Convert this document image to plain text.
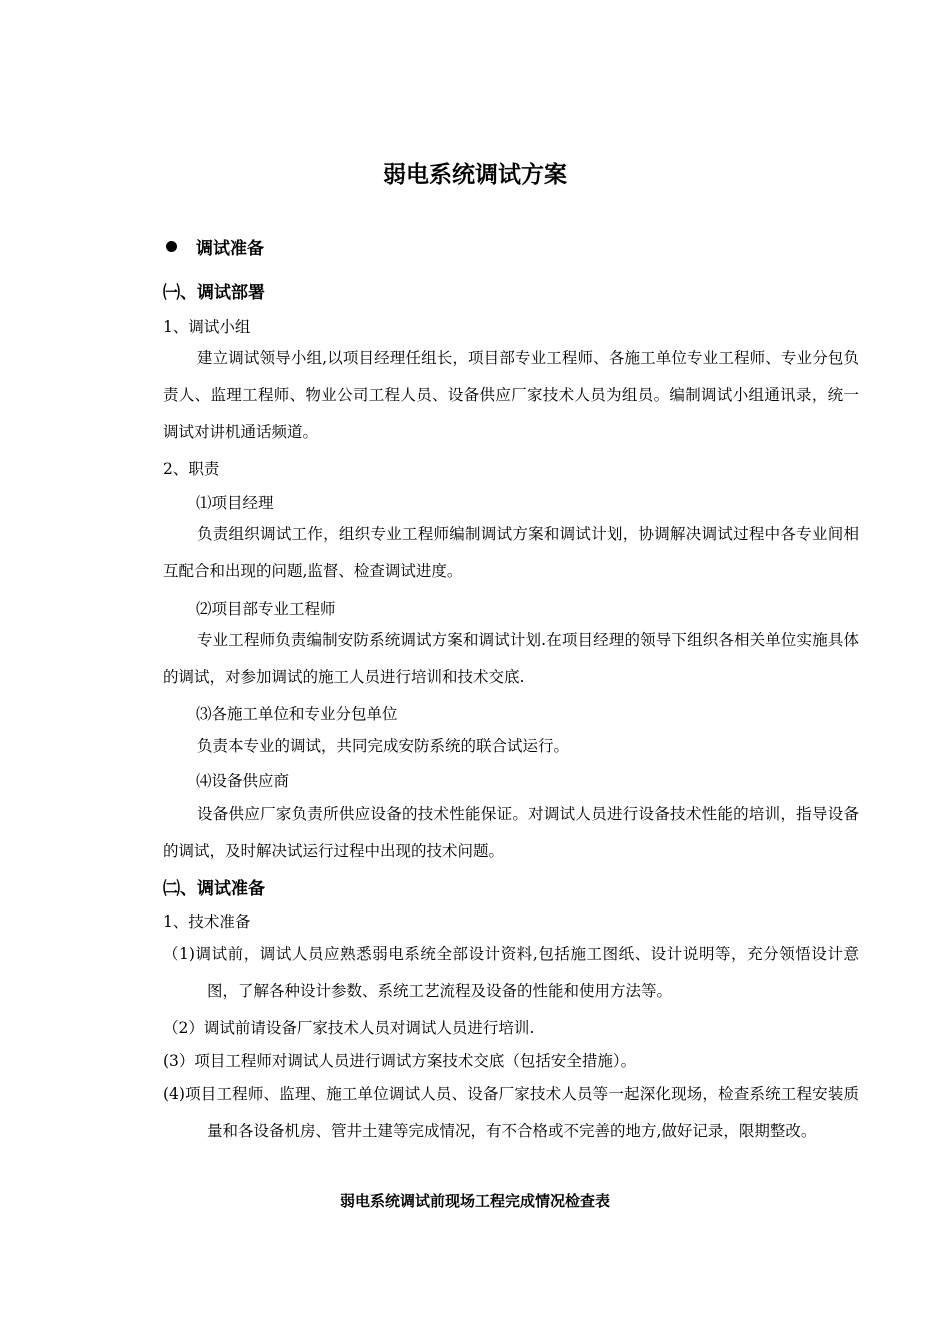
弱电系统调试方案
调试准备
㈠、调试部署
1、调试小组
建立调试领导小组,以项目经理任组长，项目部专业工程师、各施工单位专业工程师、专业分包负责人、监理工程师、物业公司工程人员、设备供应厂家技术人员为组员。编制调试小组通讯录，统一调试对讲机通话频道。
2、职责
⑴项目经理
负责组织调试工作，组织专业工程师编制调试方案和调试计划，协调解决调试过程中各专业间相互配合和出现的问题,监督、检查调试进度。
⑵项目部专业工程师
专业工程师负责编制安防系统调试方案和调试计划.在项目经理的领导下组织各相关单位实施具体的调试，对参加调试的施工人员进行培训和技术交底.
⑶各施工单位和专业分包单位
负责本专业的调试，共同完成安防系统的联合试运行。
⑷设备供应商
设备供应厂家负责所供应设备的技术性能保证。对调试人员进行设备技术性能的培训，指导设备的调试，及时解决试运行过程中出现的技术问题。
㈡、调试准备
1、技术准备
（1)调试前，调试人员应熟悉弱电系统全部设计资料,包括施工图纸、设计说明等，充分领悟设计意图，了解各种设计参数、系统工艺流程及设备的性能和使用方法等。
（2）调试前请设备厂家技术人员对调试人员进行培训.
(3）项目工程师对调试人员进行调试方案技术交底（包括安全措施）。
(4)项目工程师、监理、施工单位调试人员、设备厂家技术人员等一起深化现场，检查系统工程安装质量和各设备机房、管井土建等完成情况，有不合格或不完善的地方,做好记录，限期整改。
弱电系统调试前现场工程完成情况检查表
